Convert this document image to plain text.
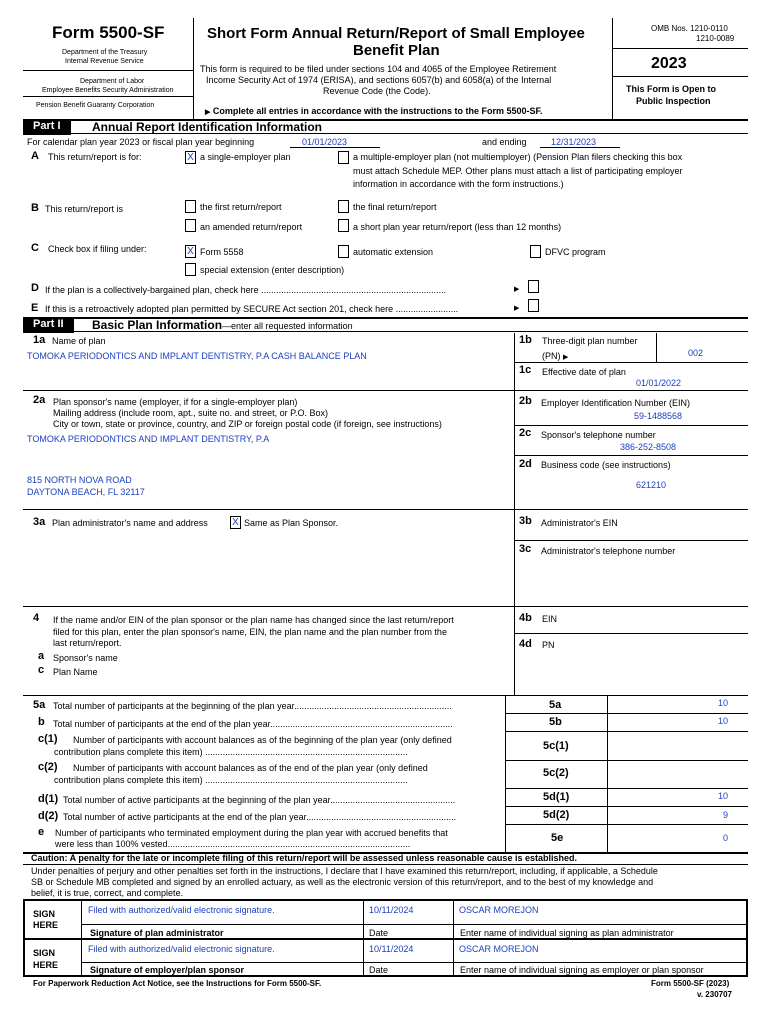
Form 5500-SF
Department of the Treasury
Internal Revenue Service
Department of Labor
Employee Benefits Security Administration
Pension Benefit Guaranty Corporation
Short Form Annual Return/Report of Small Employee
Benefit Plan
This form is required to be filed under sections 104 and 4065 of the Employee Retirement
Income Security Act of 1974 (ERISA), and sections 6057(b) and 6058(a) of the Internal
Revenue Code (the Code).
▶ Complete all entries in accordance with the instructions to the Form 5500-SF.
OMB Nos. 1210-0110
1210-0089
2023
This Form is Open to
Public Inspection
Part I	Annual Report Identification Information
For calendar plan year 2023 or fiscal plan year beginning	01/01/2023	and ending	12/31/2023
A This return/report is for:	X a single-employer plan	a multiple-employer plan (not multiemployer) (Pension Plan filers checking this box
must attach Schedule MEP. Other plans must attach a list of participating employer
information in accordance with the form instructions.)
B This return/report is	the first return/report	the final return/report
an amended return/report	a short plan year return/report (less than 12 months)
C Check box if filing under:	X Form 5558	automatic extension	DFVC program
special extension (enter description)
D If the plan is a collectively-bargained plan, check here ..........................................................................	▶
E If this is a retroactively adopted plan permitted by SECURE Act section 201, check here .........................	▶
Part II	Basic Plan Information—enter all requested information
1a Name of plan
TOMOKA PERIODONTICS AND IMPLANT DENTISTRY, P.A CASH BALANCE PLAN
1b Three-digit plan number
(PN) ▶	002
1c Effective date of plan
01/01/2022
2a Plan sponsor's name (employer, if for a single-employer plan)
Mailing address (include room, apt., suite no. and street, or P.O. Box)
City or town, state or province, country, and ZIP or foreign postal code (if foreign, see instructions)
TOMOKA PERIODONTICS AND IMPLANT DENTISTRY, P.A
815 NORTH NOVA ROAD
DAYTONA BEACH, FL 32117
2b Employer Identification Number (EIN)
59-1488568
2c Sponsor's telephone number
386-252-8508
2d Business code (see instructions)
621210
3a Plan administrator's name and address X Same as Plan Sponsor.	3b Administrator's EIN
3c Administrator's telephone number
4 If the name and/or EIN of the plan sponsor or the plan name has changed since the last return/report
filed for this plan, enter the plan sponsor's name, EIN, the plan name and the plan number from the
last return/report.
a Sponsor's name
c Plan Name
4b EIN
4d PN
5a Total number of participants at the beginning of the plan year...............................................................	5a	10
b Total number of participants at the end of the plan year.........................................................................	5b	10
c(1) Number of participants with account balances as of the beginning of the plan year (only defined
contribution plans complete this item) .................................................................................	5c(1)
c(2) Number of participants with account balances as of the end of the plan year (only defined
contribution plans complete this item) .................................................................................
5c(2)
d(1) Total number of active participants at the beginning of the plan year..................................................	5d(1)	10
d(2) Total number of active participants at the end of the plan year............................................................	5d(2)	9
e Number of participants who terminated employment during the plan year with accrued benefits that
were less than 100% vested.................................................................................................	5e	0
Caution: A penalty for the late or incomplete filing of this return/report will be assessed unless reasonable cause is established.
Under penalties of perjury and other penalties set forth in the instructions, I declare that I have examined this return/report, including, if applicable, a Schedule
SB or Schedule MB completed and signed by an enrolled actuary, as well as the electronic version of this return/report, and to the best of my knowledge and
belief, it is true, correct, and complete.
SIGN
HERE
Filed with authorized/valid electronic signature.	10/11/2024	OSCAR MOREJON
Signature of plan administrator	Date	Enter name of individual signing as plan administrator
SIGN
HERE
Filed with authorized/valid electronic signature.	10/11/2024	OSCAR MOREJON
Signature of employer/plan sponsor	Date	Enter name of individual signing as employer or plan sponsor
For Paperwork Reduction Act Notice, see the Instructions for Form 5500-SF.	Form 5500-SF (2023)
v. 230707
